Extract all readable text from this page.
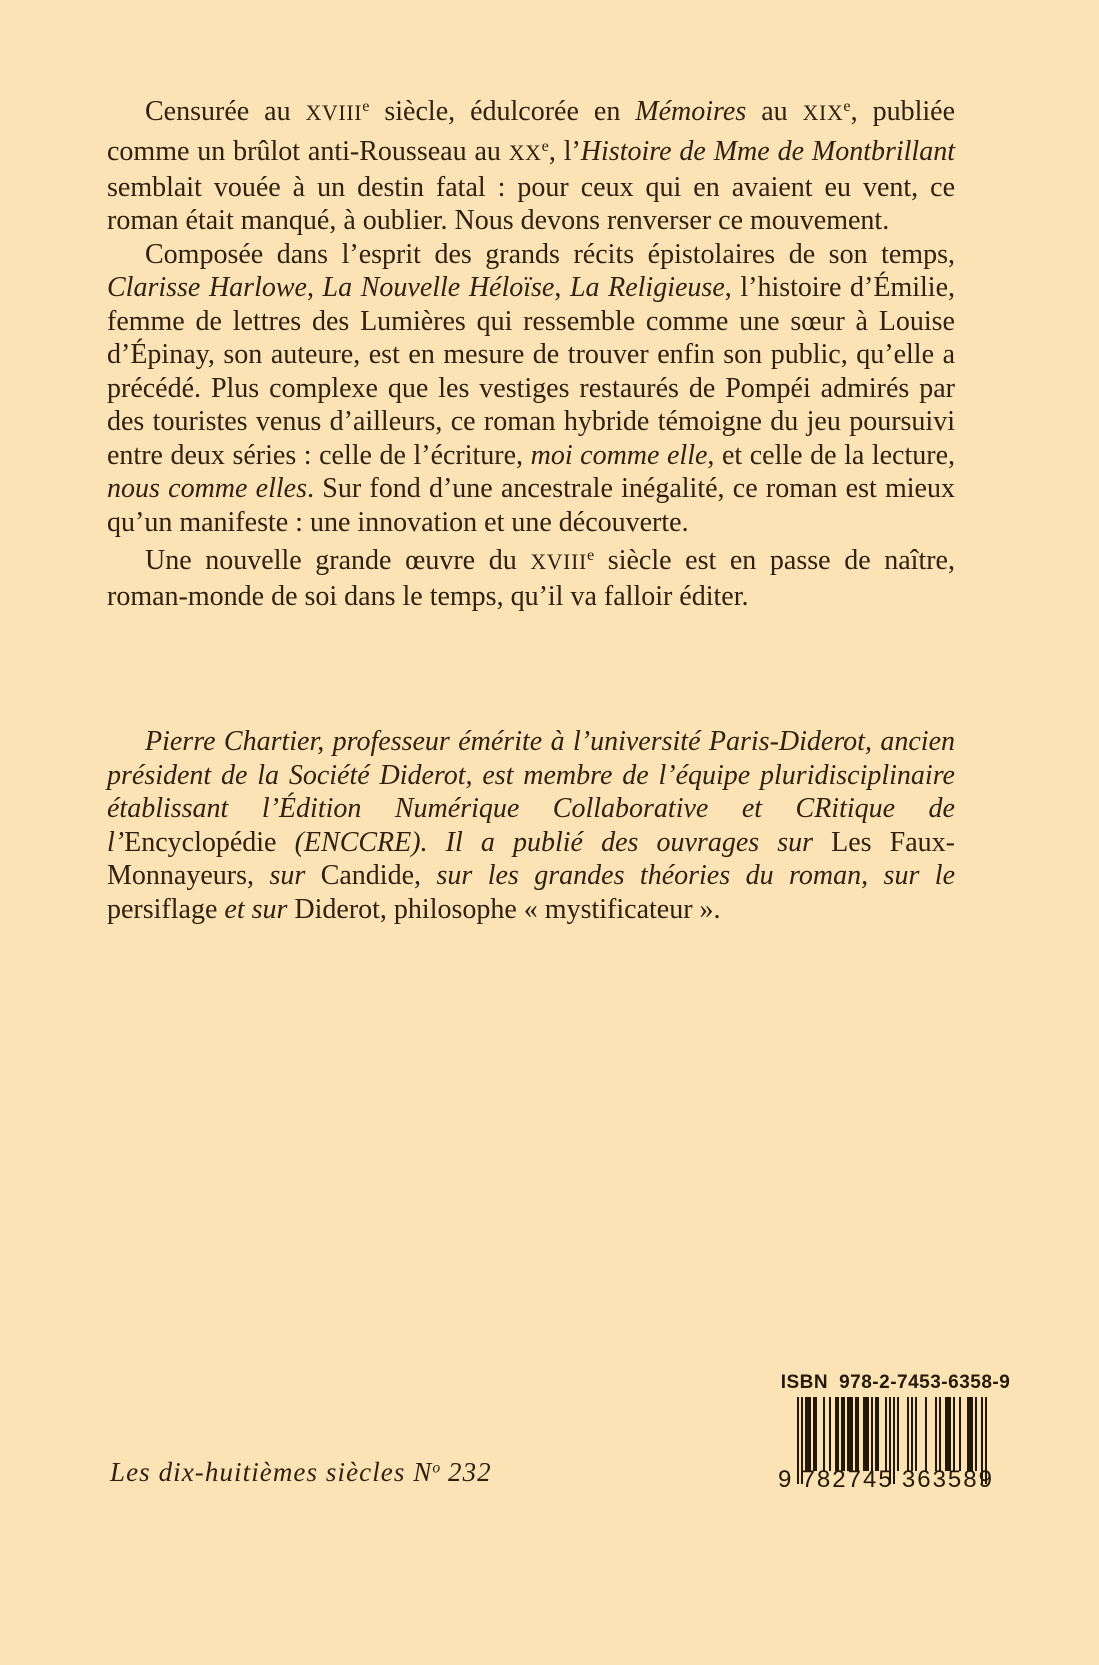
Censurée au XVIIIe siècle, édulcorée en Mémoires au XIXe, publiée comme un brûlot anti-Rousseau au XXe, l’Histoire de Mme de Montbrillant semblait vouée à un destin fatal : pour ceux qui en avaient eu vent, ce roman était manqué, à oublier. Nous devons renverser ce mouvement.

Composée dans l’esprit des grands récits épistolaires de son temps, Clarisse Harlowe, La Nouvelle Héloïse, La Religieuse, l’histoire d’Émilie, femme de lettres des Lumières qui ressemble comme une sœur à Louise d’Épinay, son auteure, est en mesure de trouver enfin son public, qu’elle a précédé. Plus complexe que les vestiges restaurés de Pompéi admirés par des touristes venus d’ailleurs, ce roman hybride témoigne du jeu poursuivi entre deux séries : celle de l’écriture, moi comme elle, et celle de la lecture, nous comme elles. Sur fond d’une ancestrale inégalité, ce roman est mieux qu’un manifeste : une innovation et une découverte.

Une nouvelle grande œuvre du XVIIIe siècle est en passe de naître, roman-monde de soi dans le temps, qu’il va falloir éditer.

Pierre Chartier, professeur émérite à l’université Paris-Diderot, ancien président de la Société Diderot, est membre de l’équipe pluridisciplinaire établissant l’Édition Numérique Collaborative et CRitique de l’Encyclopédie (ENCCRE). Il a publié des ouvrages sur Les Faux-Monnayeurs, sur Candide, sur les grandes théories du roman, sur le persiflage et sur Diderot, philosophe « mystificateur ».

Les dix-huitièmes siècles $N^o$ 232
ISBN 978-2-7453-6358-9
9 782745 363589
